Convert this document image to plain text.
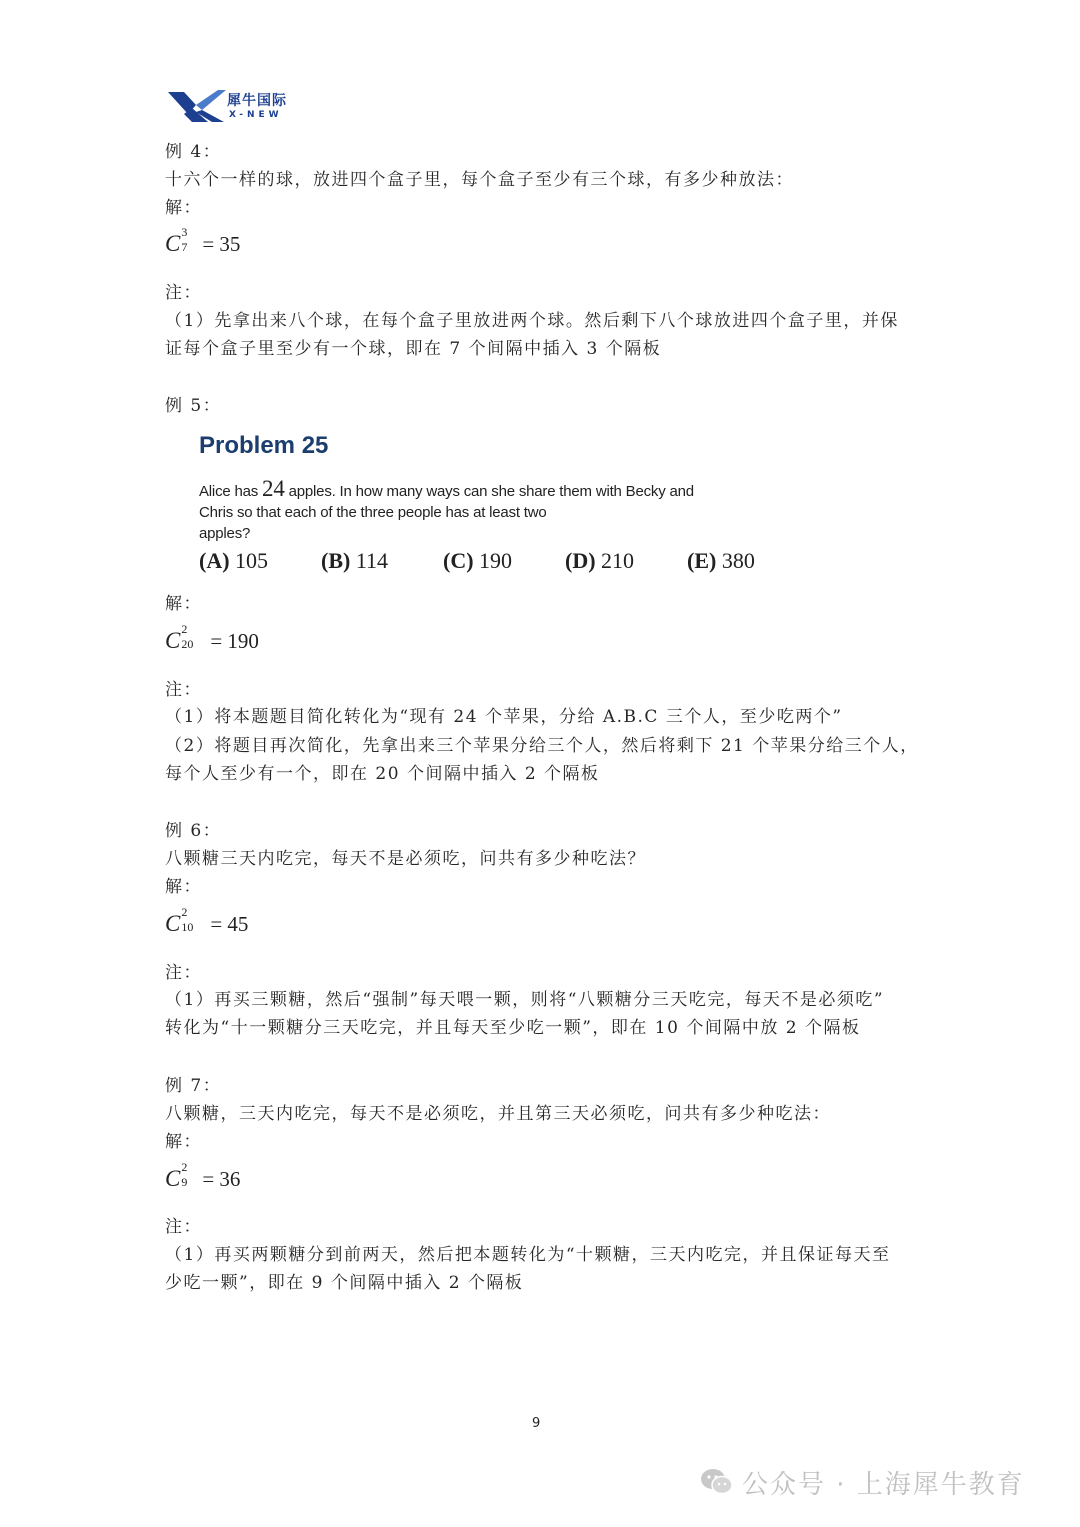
犀牛国际
X-NEW
例 4：
十六个一样的球，放进四个盒子里，每个盒子至少有三个球，有多少种放法：
解：
C 3
7 = 35
注：
（1）先拿出来八个球，在每个盒子里放进两个球。然后剩下八个球放进四个盒子里，并保
证每个盒子里至少有一个球，即在 7 个间隔中插入 3 个隔板
例 5：
Problem 25
Alice has 24 apples. In how many ways can she share them with Becky and
Chris so that each of the three people has at least two
apples?
(A) 105 (B) 114 (C) 190 (D) 210 (E) 380
解：
C 2
20 = 190
注：
（1）将本题题目简化转化为“现有 24 个苹果，分给 A.B.C 三个人，至少吃两个”
（2）将题目再次简化，先拿出来三个苹果分给三个人，然后将剩下 21 个苹果分给三个人，
每个人至少有一个，即在 20 个间隔中插入 2 个隔板
例 6：
八颗糖三天内吃完，每天不是必须吃，问共有多少种吃法？
解：
C 2
10 = 45
注：
（1）再买三颗糖，然后“强制”每天喂一颗，则将“八颗糖分三天吃完，每天不是必须吃”
转化为“十一颗糖分三天吃完，并且每天至少吃一颗”，即在 10 个间隔中放 2 个隔板
例 7：
八颗糖，三天内吃完，每天不是必须吃，并且第三天必须吃，问共有多少种吃法：
解：
C 2
9 = 36
注：
（1）再买两颗糖分到前两天，然后把本题转化为“十颗糖，三天内吃完，并且保证每天至
少吃一颗”，即在 9 个间隔中插入 2 个隔板
9
公众号 · 上海犀牛教育
